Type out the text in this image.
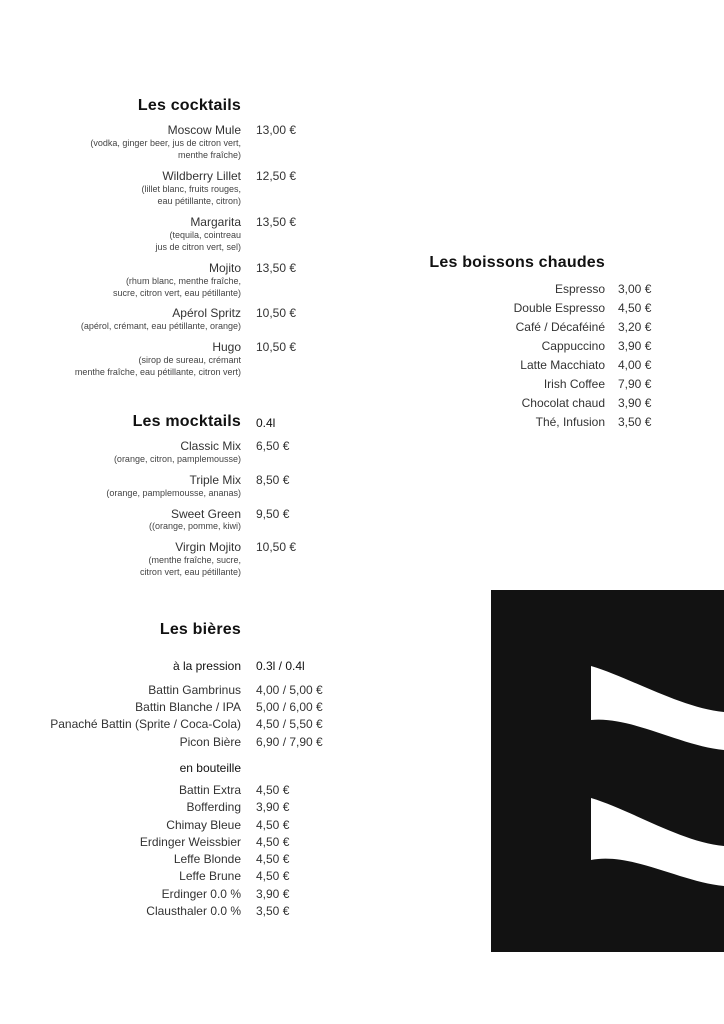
Les cocktails
Moscow Mule 13,00 €
(vodka, ginger beer, jus de citron vert,
menthe fraîche)
Wildberry Lillet 12,50 €
(lillet blanc, fruits rouges,
eau pétillante, citron)
Margarita 13,50 €
(tequila, cointreau
jus de citron vert, sel)
Mojito 13,50 €
(rhum blanc, menthe fraîche,
sucre, citron vert, eau pétillante)
Apérol Spritz 10,50 €
(apérol, crémant, eau pétillante, orange)
Hugo 10,50 €
(sirop de sureau, crémant
menthe fraîche, eau pétillante, citron vert)
Les mocktails 0.4l
Classic Mix 6,50 €
(orange, citron, pamplemousse)
Triple Mix 8,50 €
(orange, pamplemousse, ananas)
Sweet Green 9,50 €
((orange, pomme, kiwi)
Virgin Mojito 10,50 €
(menthe fraîche, sucre,
citron vert, eau pétillante)
Les bières
à la pression 0.3l / 0.4l
Battin Gambrinus 4,00 / 5,00 €
Battin Blanche / IPA 5,00 / 6,00 €
Panaché Battin (Sprite / Coca-Cola) 4,50 / 5,50 €
Picon Bière 6,90 / 7,90 €
en bouteille
Battin Extra 4,50 €
Bofferding 3,90 €
Chimay Bleue 4,50 €
Erdinger Weissbier 4,50 €
Leffe Blonde 4,50 €
Leffe Brune 4,50 €
Erdinger 0.0 % 3,90 €
Clausthaler 0.0 % 3,50 €
Les boissons chaudes
Espresso 3,00 €
Double Espresso 4,50 €
Café / Décaféiné 3,20 €
Cappuccino 3,90 €
Latte Macchiato 4,00 €
Irish Coffee 7,90 €
Chocolat chaud 3,90 €
Thé, Infusion 3,50 €
